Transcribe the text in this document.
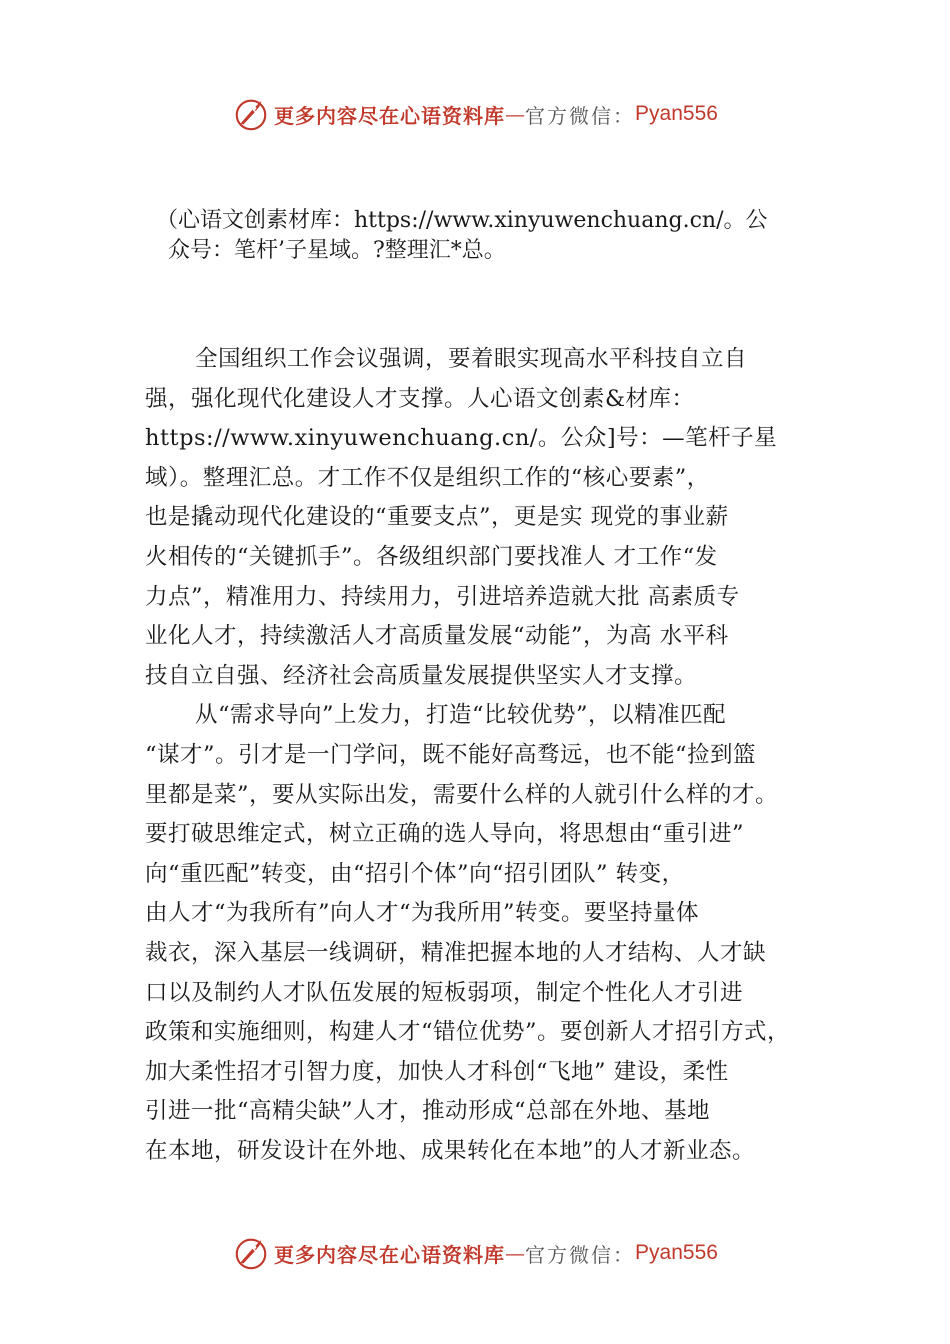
更多内容尽在心语资料库 — 官方微信： Pyan556

（心语文创素材库：https://www.xinyuwenchuang.cn/。公
众号：笔杆’子星域。?整理汇*总。

全国组织工作会议强调，要着眼实现高水平科技自立自
强，强化现代化建设人才支撑。人心语文创素&材库：
https://www.xinyuwenchuang.cn/。公众]号：—笔杆子星
域）。整理汇总。才工作不仅是组织工作的“核心要素”，
也是撬动现代化建设的“重要支点”，更是实 现党的事业薪
火相传的“关键抓手”。各级组织部门要找准人 才工作“发
力点”，精准用力、持续用力，引进培养造就大批 高素质专
业化人才，持续激活人才高质量发展“动能”，为高 水平科
技自立自强、经济社会高质量发展提供坚实人才支撑。
从“需求导向”上发力，打造“比较优势”，以精准匹配
“谋才”。引才是一门学问，既不能好高骛远，也不能“捡到篮
里都是菜”，要从实际出发，需要什么样的人就引什么样的才。
要打破思维定式，树立正确的选人导向，将思想由“重引进”
向“重匹配”转变，由“招引个体”向“招引团队” 转变，
由人才“为我所有”向人才“为我所用”转变。要坚持量体
裁衣，深入基层一线调研，精准把握本地的人才结构、人才缺
口以及制约人才队伍发展的短板弱项，制定个性化人才引进
政策和实施细则，构建人才“错位优势”。要创新人才招引方式，
加大柔性招才引智力度，加快人才科创“飞地” 建设，柔性
引进一批“高精尖缺”人才，推动形成“总部在外地、基地
在本地，研发设计在外地、成果转化在本地”的人才新业态。
更多内容尽在心语资料库 — 官方微信： Pyan556
